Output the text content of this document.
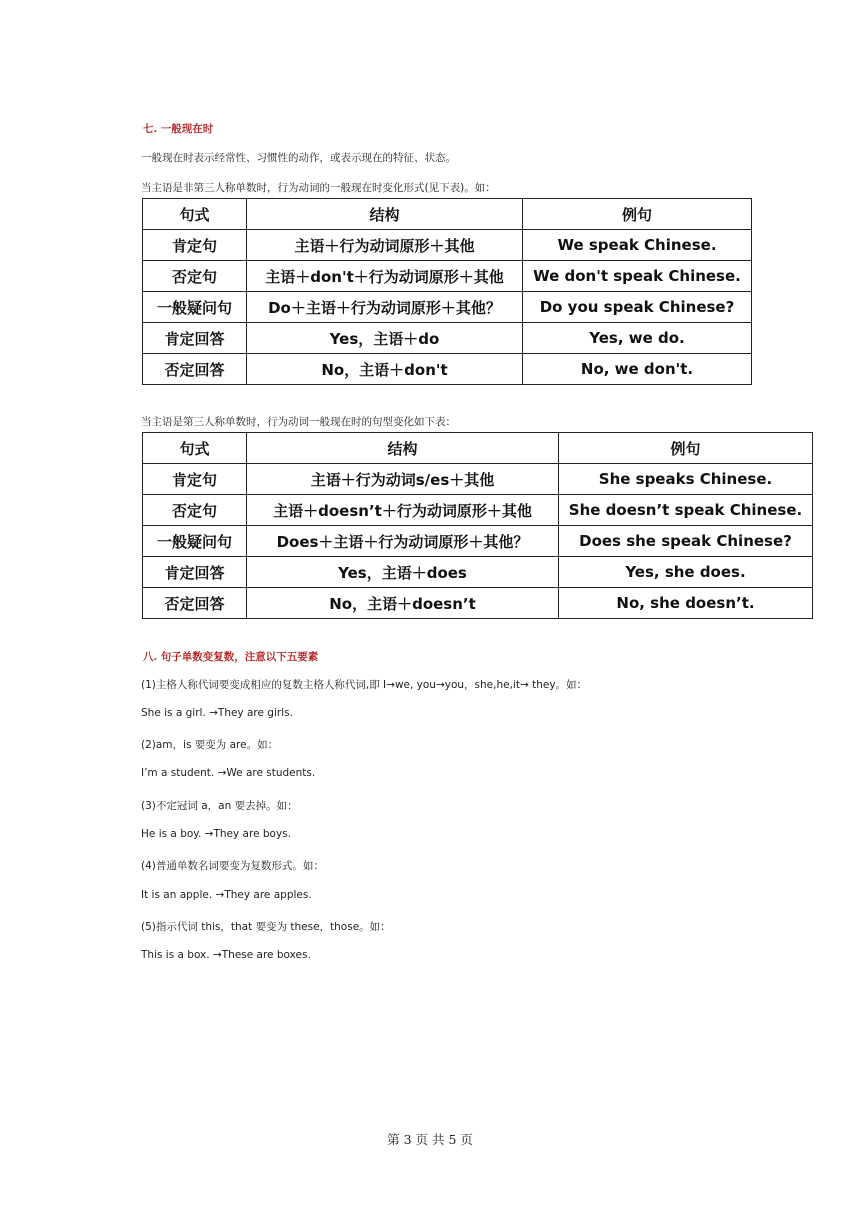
七. 一般现在时
一般现在时表示经常性、习惯性的动作，或表示现在的特征、状态。
当主语是非第三人称单数时，行为动词的一般现在时变化形式(见下表)。如：
句式	结构	例句
肯定句	主语＋行为动词原形＋其他	We speak Chinese.
否定句	主语＋don't＋行为动词原形＋其他	We don't speak Chinese.
一般疑问句	Do＋主语＋行为动词原形＋其他？	Do you speak Chinese?
肯定回答	Yes，主语＋do	Yes, we do.
否定回答	No，主语＋don't	No, we don't.
当主语是第三人称单数时，行为动词一般现在时的句型变化如下表：
句式	结构	例句
肯定句	主语＋行为动词s/es＋其他	She speaks Chinese.
否定句	主语＋doesn’t＋行为动词原形＋其他	She doesn’t speak Chinese.
一般疑问句	Does＋主语＋行为动词原形＋其他？	Does she speak Chinese?
肯定回答	Yes，主语＋does	Yes, she does.
否定回答	No，主语＋doesn’t	No, she doesn’t.
八. 句子单数变复数，注意以下五要素
(1)主格人称代词要变成相应的复数主格人称代词,即 I→we, you→you，she,he,it→ they。如：
She is a girl. →They are girls.
(2)am，is 要变为 are。如：
I’m a student. →We are students.
(3)不定冠词 a，an 要去掉。如：
He is a boy. →They are boys.
(4)普通单数名词要变为复数形式。如：
It is an apple. →They are apples.
(5)指示代词 this，that 要变为 these，those。如：
This is a box. →These are boxes.
第 3 页 共 5 页
